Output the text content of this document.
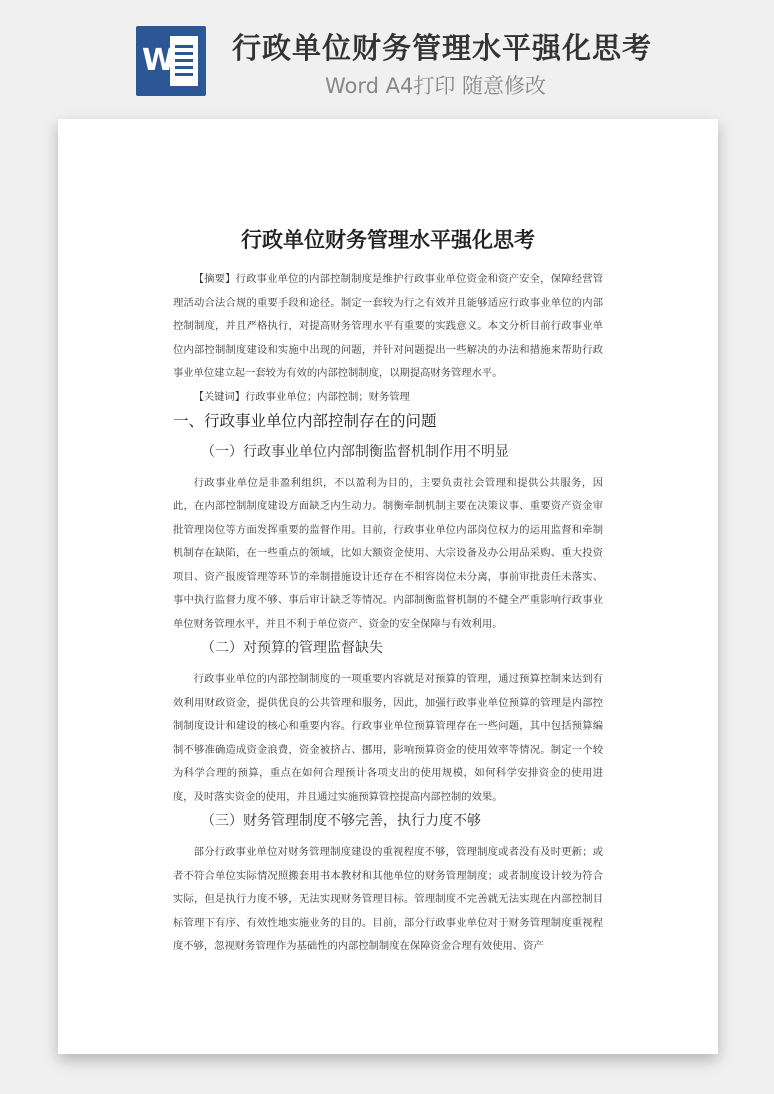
W 行政单位财务管理水平强化思考
Word A4打印 随意修改
行政单位财务管理水平强化思考

【摘要】行政事业单位的内部控制制度是维护行政事业单位资金和资产安全，保障经营管理活动合法合规的重要手段和途径。制定一套较为行之有效并且能够适应行政事业单位的内部控制制度，并且严格执行，对提高财务管理水平有重要的实践意义。本文分析目前行政事业单位内部控制制度建设和实施中出现的问题，并针对问题提出一些解决的办法和措施来帮助行政事业单位建立起一套较为有效的内部控制制度，以期提高财务管理水平。

【关键词】行政事业单位；内部控制；财务管理

一、行政事业单位内部控制存在的问题
（一）行政事业单位内部制衡监督机制作用不明显

行政事业单位是非盈利组织，不以盈利为目的，主要负责社会管理和提供公共服务，因此，在内部控制制度建设方面缺乏内生动力。制衡牵制机制主要在决策议事、重要资产资金审批管理岗位等方面发挥重要的监督作用。目前，行政事业单位内部岗位权力的运用监督和牵制机制存在缺陷，在一些重点的领域，比如大额资金使用、大宗设备及办公用品采购、重大投资项目、资产报废管理等环节的牵制措施设计还存在不相容岗位未分离，事前审批责任未落实、事中执行监督力度不够、事后审计缺乏等情况。内部制衡监督机制的不健全严重影响行政事业单位财务管理水平，并且不利于单位资产、资金的安全保障与有效利用。

（二）对预算的管理监督缺失

行政事业单位的内部控制制度的一项重要内容就是对预算的管理，通过预算控制来达到有效利用财政资金，提供优良的公共管理和服务，因此，加强行政事业单位预算的管理是内部控制制度设计和建设的核心和重要内容。行政事业单位预算管理存在一些问题，其中包括预算编制不够准确造成资金浪费，资金被挤占、挪用，影响预算资金的使用效率等情况。制定一个较为科学合理的预算，重点在如何合理预计各项支出的使用规模，如何科学安排资金的使用进度，及时落实资金的使用，并且通过实施预算管控提高内部控制的效果。

（三）财务管理制度不够完善，执行力度不够

部分行政事业单位对财务管理制度建设的重视程度不够，管理制度或者没有及时更新；或者不符合单位实际情况照搬套用书本教材和其他单位的财务管理制度；或者制度设计较为符合实际，但是执行力度不够，无法实现财务管理目标。管理制度不完善就无法实现在内部控制目标管理下有序、有效性地实施业务的目的。目前，部分行政事业单位对于财务管理制度重视程度不够，忽视财务管理作为基础性的内部控制制度在保障资金合理有效使用、资产
